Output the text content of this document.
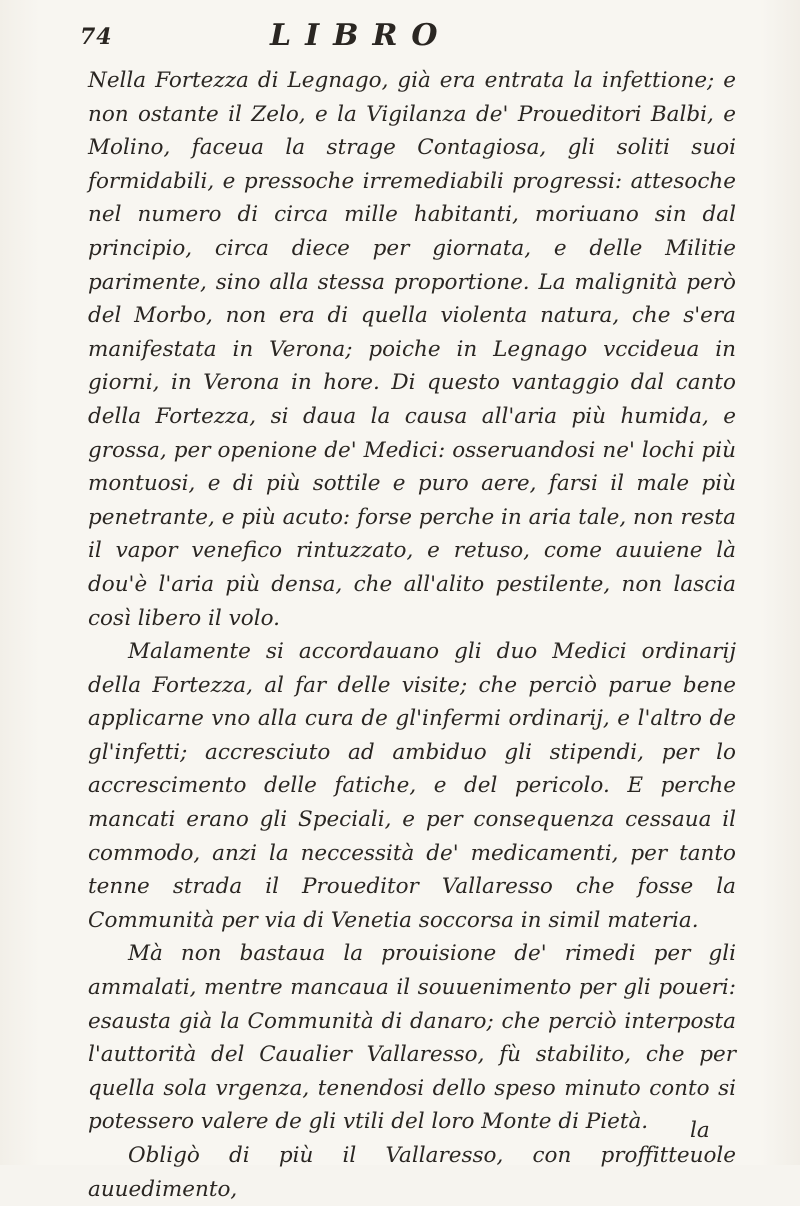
74	LIBRO

Nella Fortezza di Legnago, già era entrata la infettione; e non ostante il Zelo, e la Vigilanza de' Proueditori Balbi, e Molino, faceua la strage Contagiosa, gli soliti suoi formidabili, e pressoche irremediabili progressi: attesoche nel numero di circa mille habitanti, moriuano sin dal principio, circa diece per giornata, e delle Militie parimente, sino alla stessa proportione. La malignità però del Morbo, non era di quella violenta natura, che s'era manifestata in Verona; poiche in Legnago vccideua in giorni, in Verona in hore. Di questo vantaggio dal canto della Fortezza, si daua la causa all'aria più humida, e grossa, per openione de' Medici: osseruandosi ne' lochi più montuosi, e di più sottile e puro aere, farsi il male più penetrante, e più acuto: forse perche in aria tale, non resta il vapor venefico rintuzzato, e retuso, come auuiene là dou'è l'aria più densa, che all'alito pestilente, non lascia così libero il volo.

Malamente si accordauano gli duo Medici ordinarij della Fortezza, al far delle visite; che perciò parue bene applicarne vno alla cura de gl'infermi ordinarij, e l'altro de gl'infetti; accresciuto ad ambiduo gli stipendi, per lo accrescimento delle fatiche, e del pericolo. E perche mancati erano gli Speciali, e per consequenza cessaua il commodo, anzi la neccessità de' medicamenti, per tanto tenne strada il Proueditor Vallaresso che fosse la Communità per via di Venetia soccorsa in simil materia.

Mà non bastaua la prouisione de' rimedi per gli ammalati, mentre mancaua il souuenimento per gli poueri: esausta già la Communità di danaro; che perciò interposta l'auttorità del Caualier Vallaresso, fù stabilito, che per quella sola vrgenza, tenendosi dello speso minuto conto si potessero valere de gli vtili del loro Monte di Pietà.

Obligò di più il Vallaresso, con proffitteuole auuedimento,

la
